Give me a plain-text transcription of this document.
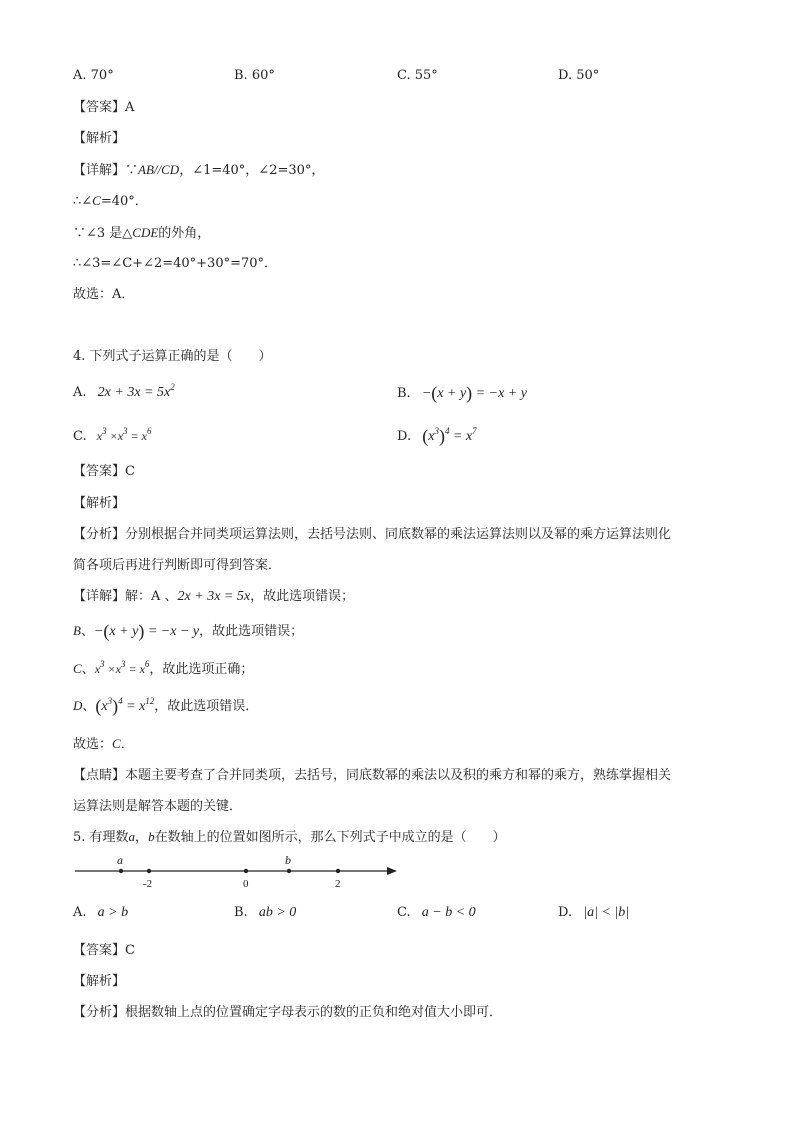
A. 70°	B. 60°	C. 55°	D. 50°
【答案】A
【解析】
【详解】∵AB//CD，∠1=40°，∠2=30°，
∴∠C=40°．
∵∠3 是△CDE的外角，
∴∠3=∠C+∠2=40°+30°=70°．
故选：A．
4. 下列式子运算正确的是（　　）
A.   $2x + 3x = 5x^2$	B.   −(x + y) = −x + y
C. $x^3 \times x^3 = x^6$	D. $(x^3)^4 = x^7$
【答案】C
【解析】
【分析】分别根据合并同类项运算法则，去括号法则、同底数幂的乘法运算法则以及幂的乘方运算法则化
简各项后再进行判断即可得到答案．
【详解】解：A 、2x + 3x = 5x，故此选项错误；
B、−(x + y) = −x − y，故此选项错误；
C、$x^3 \times x^3 = x^6$，故此选项正确；
D、$(x^3)^4 = x^{12}$，故此选项错误．
故选：C．
【点睛】本题主要考查了合并同类项，去括号，同底数幂的乘法以及积的乘方和幂的乘方，熟练掌握相关
运算法则是解答本题的关键．
5. 有理数a，b在数轴上的位置如图所示，那么下列式子中成立的是（　　）
a	b
-2	0	2
A. a > b	B. ab > 0	C. a − b < 0	D.   |a| < |b|
【答案】C
【解析】
【分析】根据数轴上点的位置确定字母表示的数的正负和绝对值大小即可．
